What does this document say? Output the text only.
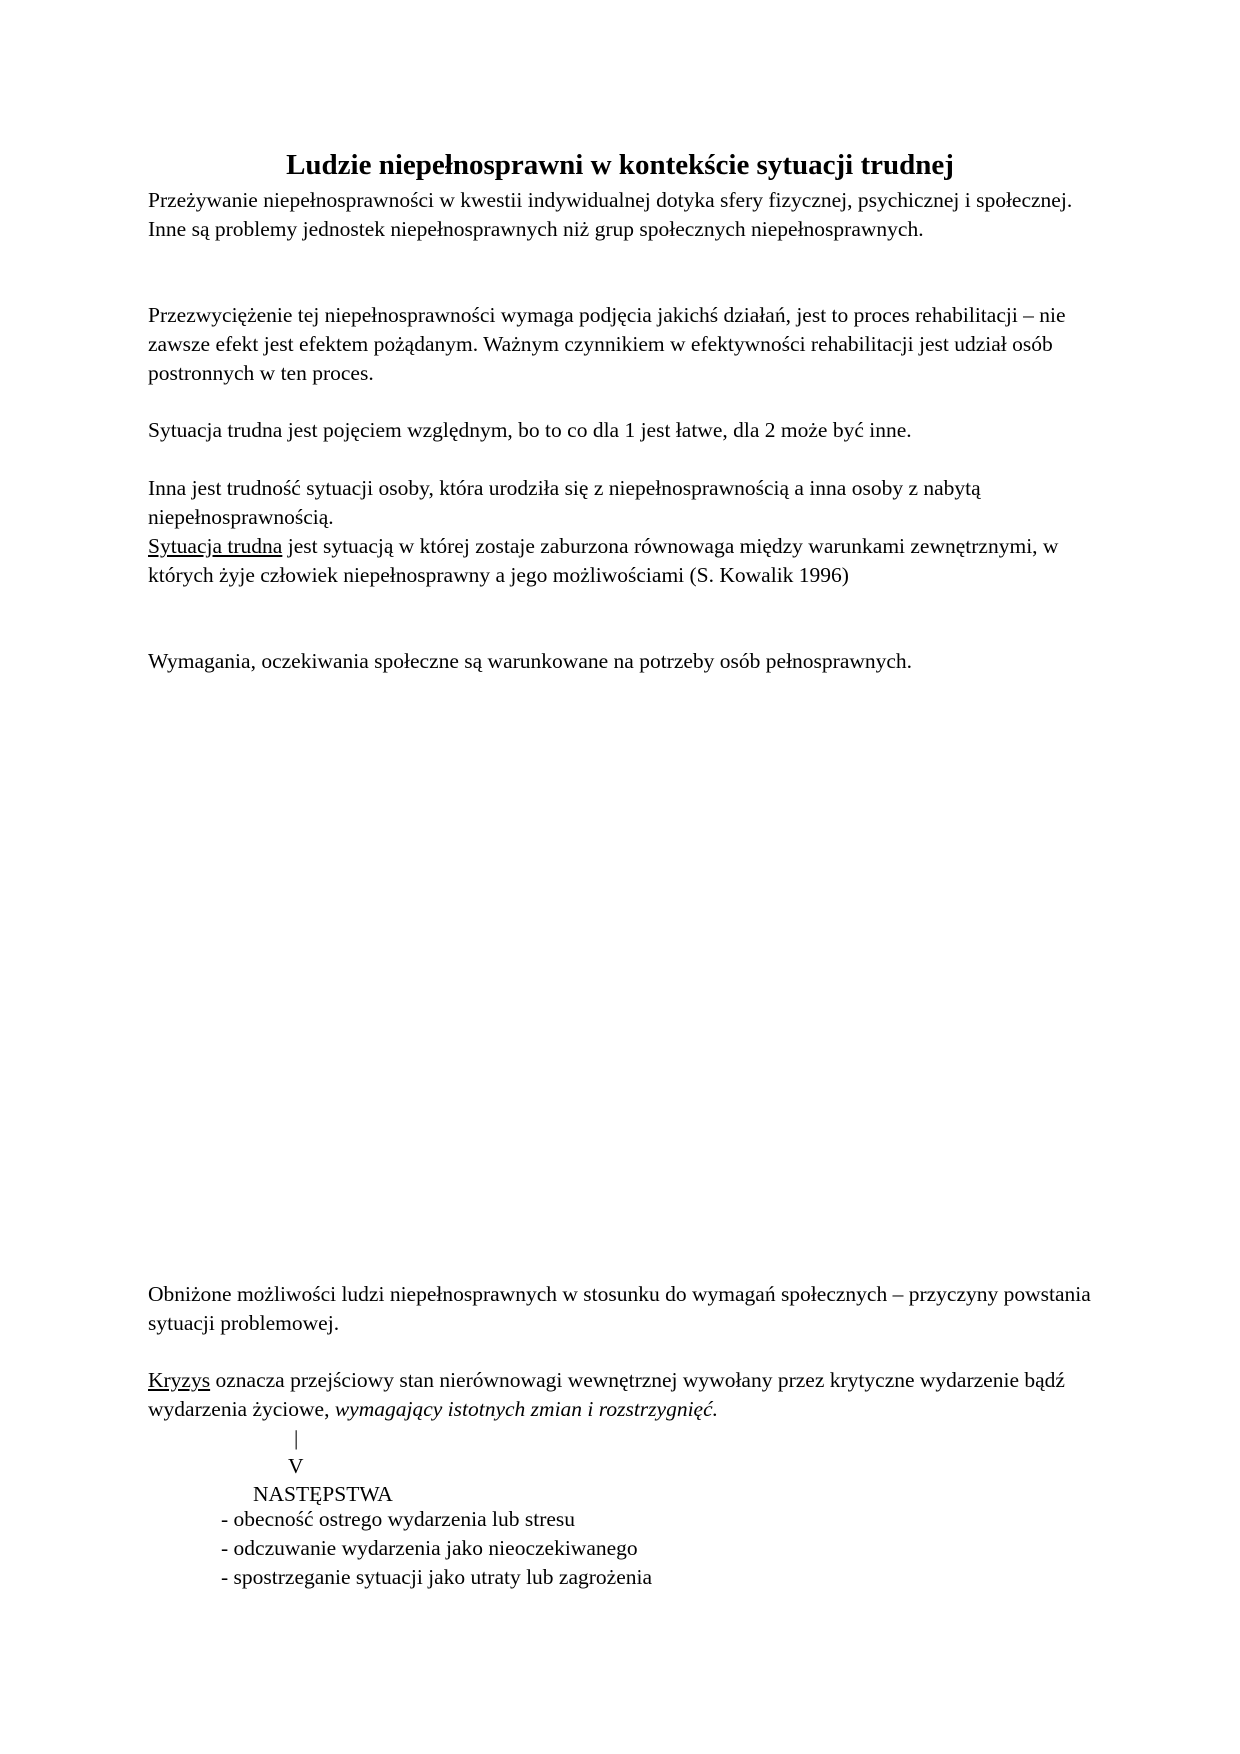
Ludzie niepełnosprawni w kontekście sytuacji trudnej

Przeżywanie niepełnosprawności w kwestii indywidualnej dotyka sfery fizycznej, psychicznej i społecznej. Inne są problemy jednostek niepełnosprawnych niż grup społecznych niepełnosprawnych.

Przezwyciężenie tej niepełnosprawności wymaga podjęcia jakichś działań, jest to proces rehabilitacji – nie zawsze efekt jest efektem pożądanym. Ważnym czynnikiem w efektywności rehabilitacji jest udział osób postronnych w ten proces.

Sytuacja trudna jest pojęciem względnym, bo to co dla 1 jest łatwe, dla 2 może być inne.

Inna jest trudność sytuacji osoby, która urodziła się z niepełnosprawnością a inna osoby z nabytą niepełnosprawnością.

Sytuacja trudna jest sytuacją w której zostaje zaburzona równowaga między warunkami zewnętrznymi, w których żyje człowiek niepełnosprawny a jego możliwościami (S. Kowalik 1996)

Wymagania, oczekiwania społeczne są warunkowane na potrzeby osób pełnosprawnych.

Obniżone możliwości ludzi niepełnosprawnych w stosunku do wymagań społecznych – przyczyny powstania sytuacji problemowej.

Kryzys oznacza przejściowy stan nierównowagi wewnętrznej wywołany przez krytyczne wydarzenie bądź wydarzenia życiowe, wymagający istotnych zmian i rozstrzygnięć.

|
V
NASTĘPSTWA
- obecność ostrego wydarzenia lub stresu
- odczuwanie wydarzenia jako nieoczekiwanego
- spostrzeganie sytuacji jako utraty lub zagrożenia
